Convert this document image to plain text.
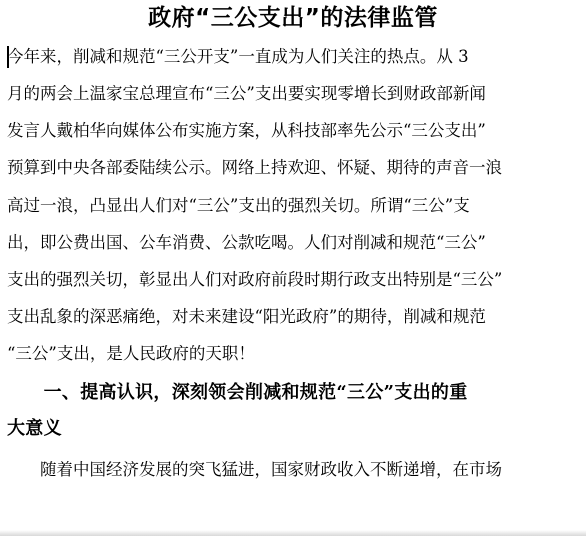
政府“三公支出”的法律监管
今年来，削减和规范“三公开支”一直成为人们关注的热点。从 3
月的两会上温家宝总理宣布“三公”支出要实现零增长到财政部新闻
发言人戴柏华向媒体公布实施方案，从科技部率先公示“三公支出”
预算到中央各部委陆续公示。网络上持欢迎、怀疑、期待的声音一浪
高过一浪，凸显出人们对“三公”支出的强烈关切。所谓“三公”支
出，即公费出国、公车消费、公款吃喝。人们对削减和规范“三公”
支出的强烈关切，彰显出人们对政府前段时期行政支出特别是“三公”
支出乱象的深恶痛绝，对未来建设“阳光政府”的期待，削减和规范
“三公”支出，是人民政府的天职！
　　一、提高认识，深刻领会削减和规范“三公”支出的重
大意义
　　随着中国经济发展的突飞猛进，国家财政收入不断递增，在市场
